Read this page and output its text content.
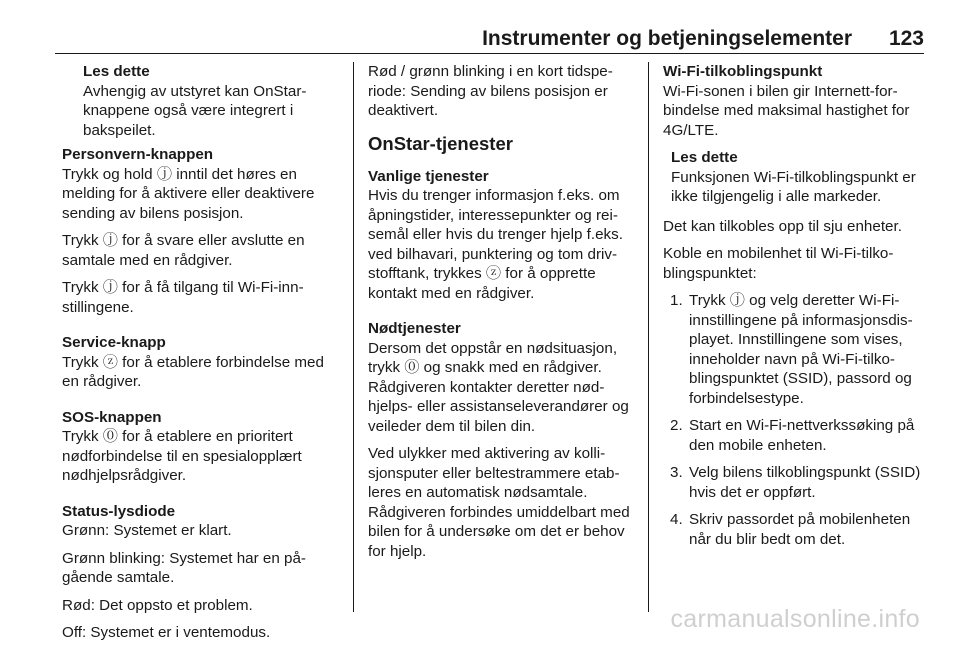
Instrumenter og betjeningselementer 123
Les dette
Avhengig av utstyret kan OnStar-knappene også være integrert i bakspeilet.
Personvern-knappen

Trykk og hold ⓙ inntil det høres en melding for å aktivere eller deaktivere sending av bilens posisjon.

Trykk ⓙ for å svare eller avslutte en samtale med en rådgiver.

Trykk ⓙ for å få tilgang til Wi-Fi-innstillingene.

Service-knapp

Trykk ⓩ for å etablere forbindelse med en rådgiver.

SOS-knappen

Trykk ⓪ for å etablere en prioritert nødforbindelse til en spesialopplært nødhjelpsrådgiver.

Status-lysdiode

Grønn: Systemet er klart.

Grønn blinking: Systemet har en pågående samtale.

Rød: Det oppsto et problem.

Off: Systemet er i ventemodus.

Rød / grønn blinking i en kort tidsperiode: Sending av bilens posisjon er deaktivert.

OnStar-tjenester
Vanlige tjenester

Hvis du trenger informasjon f.eks. om åpningstider, interessepunkter og reisemål eller hvis du trenger hjelp f.eks. ved bilhavari, punktering og tom drivstofftank, trykkes ⓩ for å opprette kontakt med en rådgiver.

Nødtjenester

Dersom det oppstår en nødsituasjon, trykk ⓪ og snakk med en rådgiver. Rådgiveren kontakter deretter nødhjelps- eller assistanseleverandører og veileder dem til bilen din.

Ved ulykker med aktivering av kollisjonsputer eller beltestrammere etableres en automatisk nødsamtale. Rådgiveren forbindes umiddelbart med bilen for å undersøke om det er behov for hjelp.

Wi-Fi-tilkoblingspunkt

Wi-Fi-sonen i bilen gir Internett-forbindelse med maksimal hastighet for 4G/LTE.

Les dette
Funksjonen Wi-Fi-tilkoblingspunkt er ikke tilgjengelig i alle markeder.

Det kan tilkobles opp til sju enheter.

Koble en mobilenhet til Wi-Fi-tilkoblingspunktet:

1. Trykk ⓙ og velg deretter Wi-Fi-innstillingene på informasjonsdisplayet. Innstillingene som vises, inneholder navn på Wi-Fi-tilkoblingspunktet (SSID), passord og forbindelsestype.
2. Start en Wi-Fi-nettverkssøking på den mobile enheten.
3. Velg bilens tilkoblingspunkt (SSID) hvis det er oppført.
4. Skriv passordet på mobilenheten når du blir bedt om det.
carmanualsonline.info
